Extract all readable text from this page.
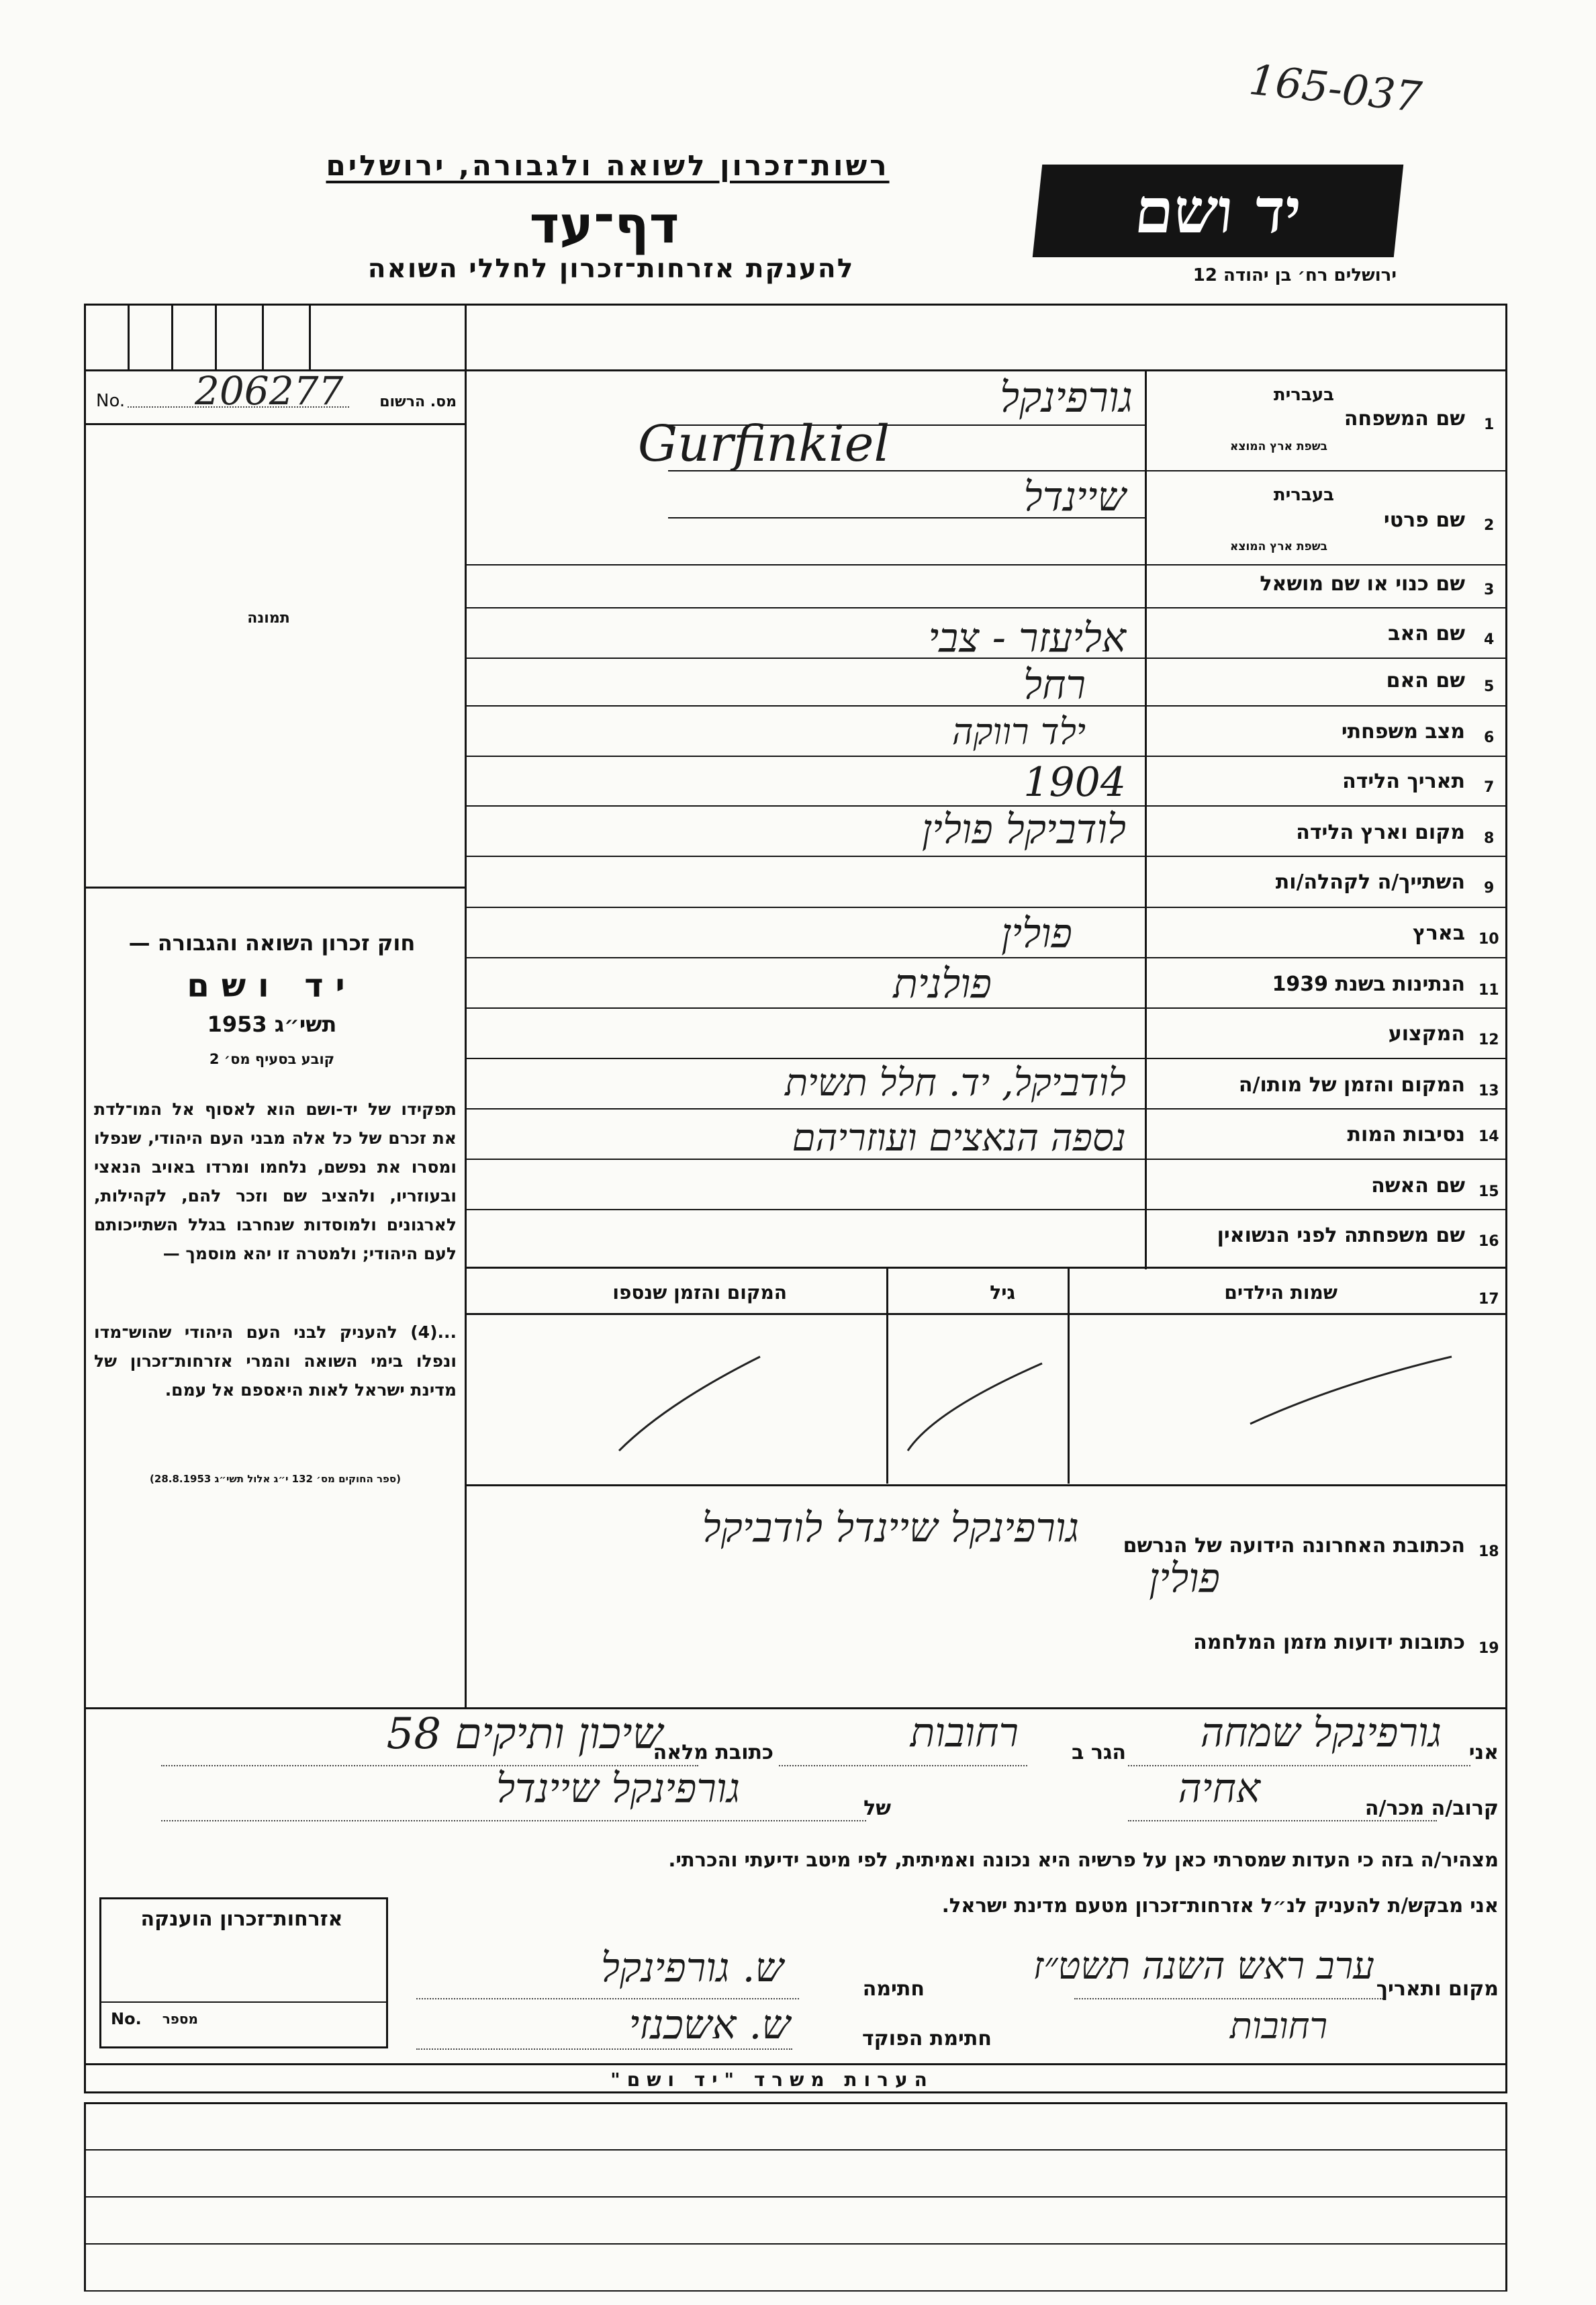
165-037
רשות־זכרון לשואה ולגבורה, ירושלים
דף־עד
להענקת אזרחות־זכרון לחללי השואה
יד ושם
ירושלים רח׳ בן יהודה 12
No. 206277	מס. הרשום
תמונה
חוק זכרון השואה והגבורה —
יד ושם
תשי״ג 1953
קובע בסעיף מס׳ 2
תפקידו של יד-ושם הוא לאסוף אל המו־לדת את זכרם של כל אלה מבני העם היהודי, שנפלו ומסרו את נפשם, נלחמו ומרדו באויב הנאצי ובעוזריו, ולהציב שם וזכר להם, לקהילות, לארגונים ולמוסדות שנחרבו בגלל השתייכותם לעם היהודי; ולמטרה זו יהא מוסמך —
...(4) להעניק לבני העם היהודי שהוש־מדו ונפלו בימי השואה והמרי אזרחות־זכרון של מדינת ישראל לאות היאספם אל עמם.
(ספר החוקים מס׳ 132 י״ג אלול תשי״ג 28.8.1953)
1
שם המשפחה
בעברית
בשפת ארץ המוצא
2
שם פרטי
בעברית
בשפת ארץ המוצא
3
שם כנוי או שם מושאל
4
שם האב
5
שם האם
6
מצב משפחתי
7
תאריך הלידה
8
מקום וארץ הלידה
9
השתייך/ה לקהלה/ות
10
בארץ
11
הנתינות בשנת 1939
12
המקצוע
13
המקום והזמן של מותו/ה
14
נסיבות המות
15
שם האשה
16
שם משפחתה לפני הנשואין
גורפינקל
Gurfinkiel
שיינדל
אליעזר - צבי
רחל
ילד רווקה
1904
לודביקל פולין
פולין
פולנית
לודביקל, יד. חלל תשית
נספה הנאצים ועוזריהם
17
שמות הילדים
גיל
המקום והזמן שנספו
18
הכתובת האחרונה הידועה של הנרשם
גורפינקל שיינדל לודביקל
פולין
19
כתובות ידועות מזמן המלחמה
אני
גורפינקל שמחה
הגר ב
רחובות
כתובת מלאה
שיכון ותיקים 58
קרוב/ה מכר/ה
אחיה
של
גורפינקל שיינדל
מצהיר/ה בזה כי העדות שמסרתי כאן על פרשיה היא נכונה ואמיתית, לפי מיטב ידיעתי והכרתי.
אני מבקש/ת להעניק לנ״ל אזרחות־זכרון מטעם מדינת ישראל.
מקום ותאריך
ערב ראש השנה תשט״ז
רחובות
חתימה
ש. גורפינקל
חתימת הפוקד
ש. אשכנזי
אזרחות־זכרון הוענקה
No.	מספר
הערות משרד "יד ושם"
